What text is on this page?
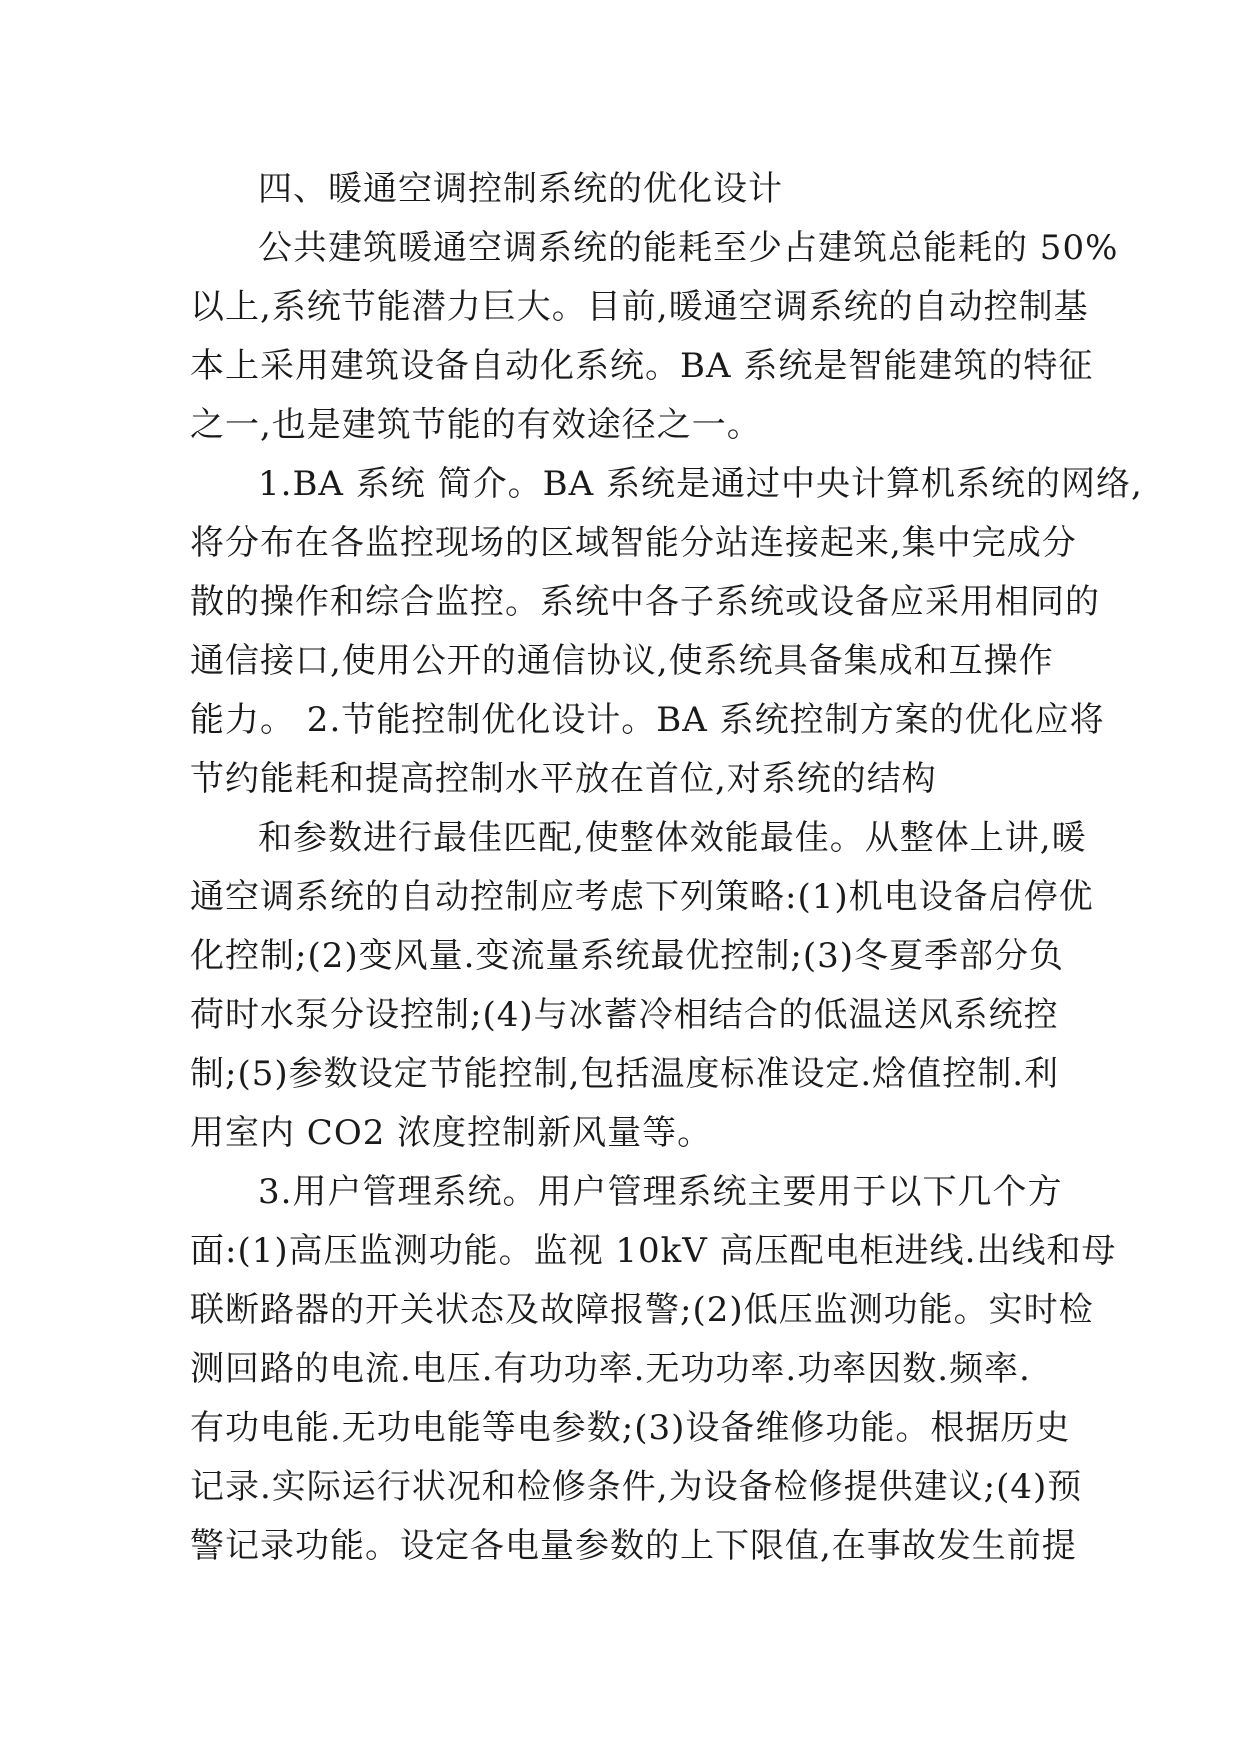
四、暖通空调控制系统的优化设计
公共建筑暖通空调系统的能耗至少占建筑总能耗的 50%
以上,系统节能潜力巨大。目前,暖通空调系统的自动控制基
本上采用建筑设备自动化系统。BA 系统是智能建筑的特征
之一,也是建筑节能的有效途径之一。
1.BA 系统 简介。BA 系统是通过中央计算机系统的网络,
将分布在各监控现场的区域智能分站连接起来,集中完成分
散的操作和综合监控。系统中各子系统或设备应采用相同的
通信接口,使用公开的通信协议,使系统具备集成和互操作
能力。 2.节能控制优化设计。BA 系统控制方案的优化应将
节约能耗和提高控制水平放在首位,对系统的结构
和参数进行最佳匹配,使整体效能最佳。从整体上讲,暖
通空调系统的自动控制应考虑下列策略:(1)机电设备启停优
化控制;(2)变风量.变流量系统最优控制;(3)冬夏季部分负
荷时水泵分设控制;(4)与冰蓄冷相结合的低温送风系统控
制;(5)参数设定节能控制,包括温度标准设定.焓值控制.利
用室内 CO2 浓度控制新风量等。
3.用户管理系统。用户管理系统主要用于以下几个方
面:(1)高压监测功能。监视 10kV 高压配电柜进线.出线和母
联断路器的开关状态及故障报警;(2)低压监测功能。实时检
测回路的电流.电压.有功功率.无功功率.功率因数.频率.
有功电能.无功电能等电参数;(3)设备维修功能。根据历史
记录.实际运行状况和检修条件,为设备检修提供建议;(4)预
警记录功能。设定各电量参数的上下限值,在事故发生前提
